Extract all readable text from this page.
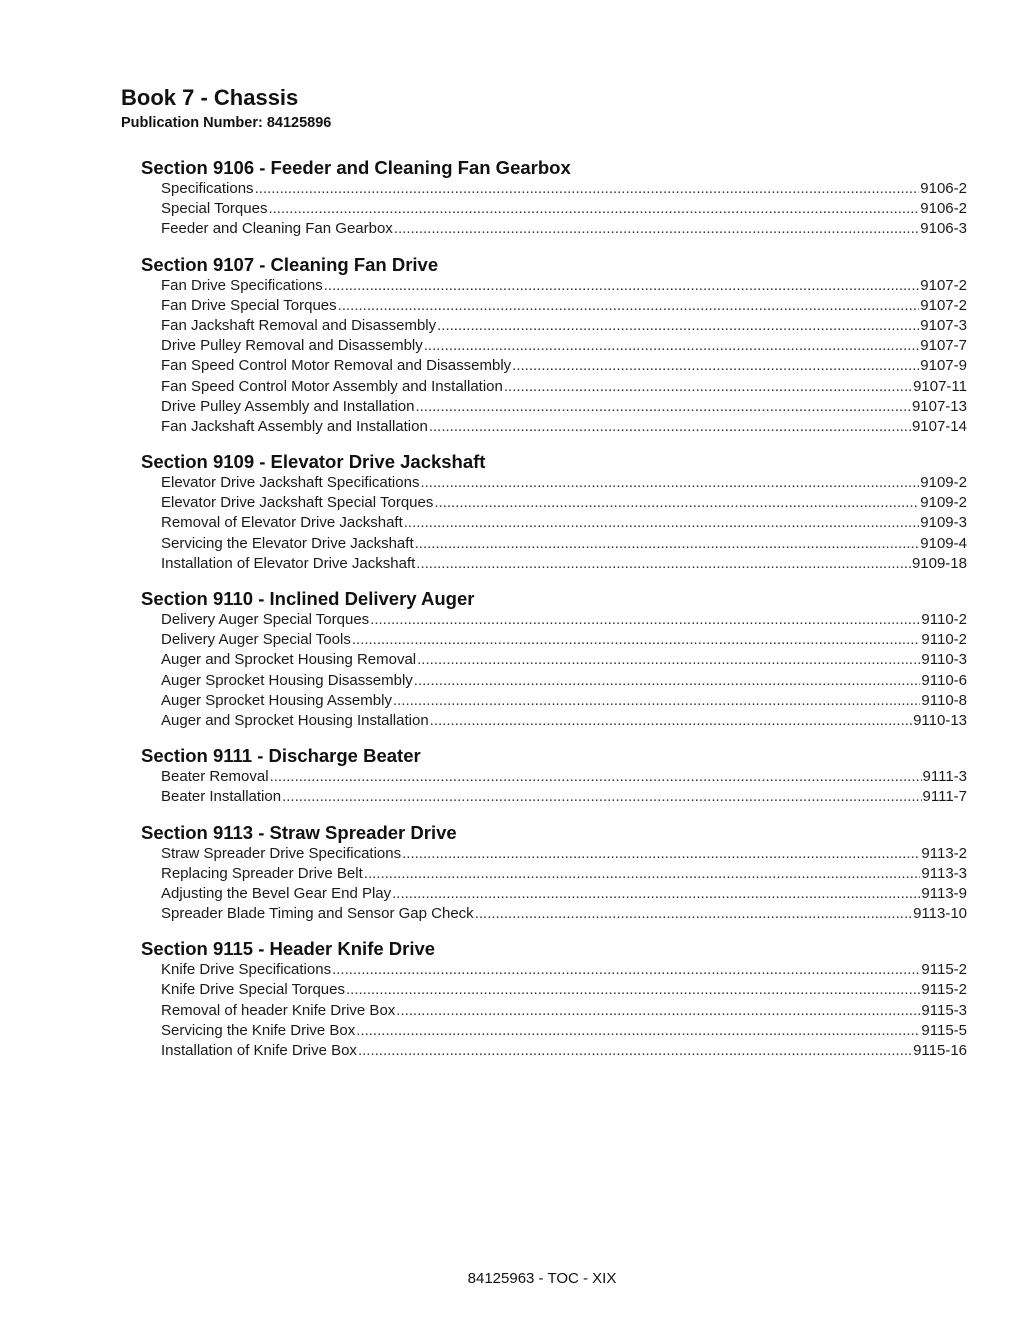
Book 7 - Chassis
Publication Number: 84125896
Section 9106 - Feeder and Cleaning Fan Gearbox
Specifications .....	9106-2
Special Torques .....	9106-2
Feeder and Cleaning Fan Gearbox .....	9106-3
Section 9107 - Cleaning Fan Drive
Fan Drive Specifications .....	9107-2
Fan Drive Special Torques .....	9107-2
Fan Jackshaft Removal and Disassembly .....	9107-3
Drive Pulley Removal and Disassembly .....	9107-7
Fan Speed Control Motor Removal and Disassembly .....	9107-9
Fan Speed Control Motor Assembly and Installation .....	9107-11
Drive Pulley Assembly and Installation .....	9107-13
Fan Jackshaft Assembly and Installation .....	9107-14
Section 9109 - Elevator Drive Jackshaft
Elevator Drive Jackshaft Specifications .....	9109-2
Elevator Drive Jackshaft Special Torques .....	9109-2
Removal of Elevator Drive Jackshaft .....	9109-3
Servicing the Elevator Drive Jackshaft .....	9109-4
Installation of Elevator Drive Jackshaft .....	9109-18
Section 9110 - Inclined Delivery Auger
Delivery Auger Special Torques .....	9110-2
Delivery Auger Special Tools .....	9110-2
Auger and Sprocket Housing Removal .....	9110-3
Auger Sprocket Housing Disassembly .....	9110-6
Auger Sprocket Housing Assembly .....	9110-8
Auger and Sprocket Housing Installation .....	9110-13
Section 9111 - Discharge Beater
Beater Removal .....	9111-3
Beater Installation .....	9111-7
Section 9113 - Straw Spreader Drive
Straw Spreader Drive Specifications .....	9113-2
Replacing Spreader Drive Belt .....	9113-3
Adjusting the Bevel Gear End Play .....	9113-9
Spreader Blade Timing and Sensor Gap Check .....	9113-10
Section 9115 - Header Knife Drive
Knife Drive Specifications .....	9115-2
Knife Drive Special Torques .....	9115-2
Removal of header Knife Drive Box .....	9115-3
Servicing the Knife Drive Box .....	9115-5
Installation of Knife Drive Box .....	9115-16
84125963 - TOC - XIX
